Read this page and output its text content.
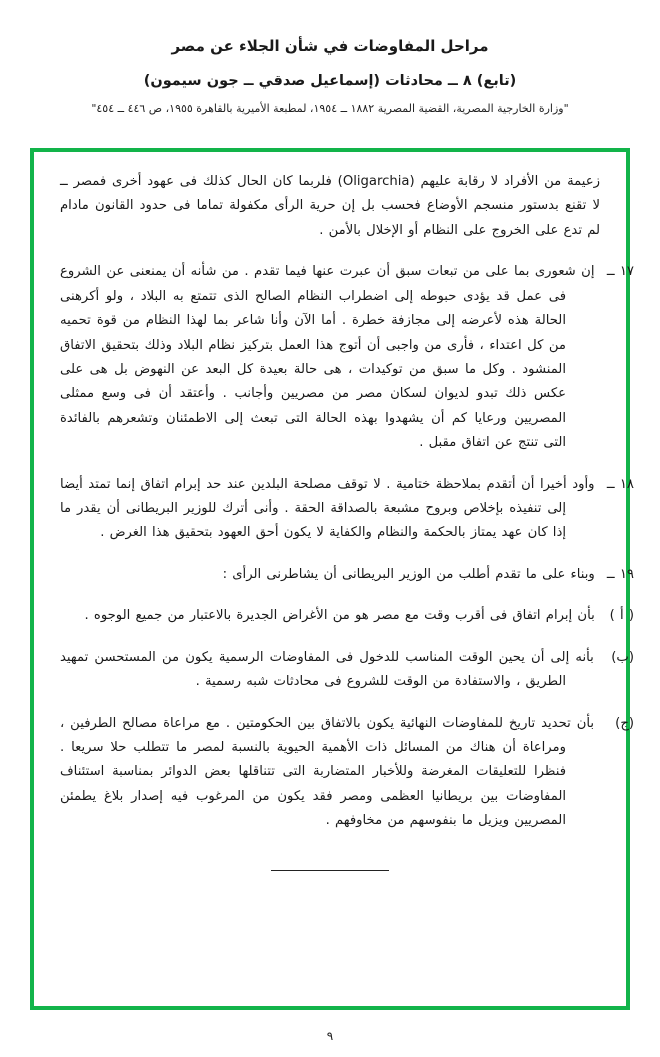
مراحل المفاوضات في شأن الجلاء عن مصر
(تابع) ٨ ــ محادثات (إسماعيل صدقي ــ جون سيمون)
"وزارة الخارجية المصرية، القضية المصرية ١٨٨٢ ــ ١٩٥٤، لمطبعة الأميرية بالقاهرة ١٩٥٥، ص ٤٤٦ ــ ٤٥٤"

زعيمة من الأفراد لا رقابة عليهم (Oligarchia) فلربما كان الحال كذلك فى عهود أخرى فمصر ــ لا تقنع بدستور منسجم الأوضاع فحسب بل إن حرية الرأى مكفولة تماما فى حدود القانون مادام لم تدع على الخروج على النظام أو الإخلال بالأمن .

١٧ ــ إن شعورى بما على من تبعات سبق أن عبرت عنها فيما تقدم . من شأنه أن يمنعنى عن الشروع فى عمل قد يؤدى حبوطه إلى اضطراب النظام الصالح الذى تتمتع به البلاد ، ولو أكرهنى الحالة هذه لأعرضه إلى مجازفة خطرة . أما الآن وأنا شاعر بما لهذا النظام من قوة تحميه من كل اعتداء ، فأرى من واجبى أن أتوج هذا العمل بتركيز نظام البلاد وذلك بتحقيق الاتفاق المنشود . وكل ما سبق من توكيدات ، هى حالة بعيدة كل البعد عن النهوض بل هى على عكس ذلك تبدو لديوان لسكان مصر من مصريين وأجانب . وأعتقد أن فى وسع ممثلى المصريين ورعايا كم أن يشهدوا بهذه الحالة التى تبعث إلى الاطمئنان وتشعرهم بالفائدة التى تنتج عن اتفاق مقبل .

١٨ ــ وأود أخيرا أن أتقدم بملاحظة ختامية . لا توقف مصلحة البلدين عند حد إبرام اتفاق إنما تمتد أيضا إلى تنفيذه بإخلاص وبروح مشبعة بالصداقة الحقة . وأنى أترك للوزير البريطانى أن يقدر ما إذا كان عهد يمتاز بالحكمة والنظام والكفاية لا يكون أحق العهود بتحقيق هذا الغرض .

١٩ ــ وبناء على ما تقدم أطلب من الوزير البريطانى أن يشاطرنى الرأى :

( أ ) بأن إبرام اتفاق فى أقرب وقت مع مصر هو من الأغراض الجديرة بالاعتبار من جميع الوجوه .

(ب) بأنه إلى أن يحين الوقت المناسب للدخول فى المفاوضات الرسمية يكون من المستحسن تمهيد الطريق ، والاستفادة من الوقت للشروع فى محادثات شبه رسمية .

(ج) بأن تحديد تاريخ للمفاوضات النهائية يكون بالاتفاق بين الحكومتين . مع مراعاة مصالح الطرفين ، ومراعاة أن هناك من المسائل ذات الأهمية الحيوية بالنسبة لمصر ما تتطلب حلا سريعا . فنظرا للتعليقات المغرضة وللأخبار المتضاربة التى تتناقلها بعض الدوائر بمناسبة استئناف المفاوضات بين بريطانيا العظمى ومصر فقد يكون من المرغوب فيه إصدار بلاغ يطمئن المصريين ويزيل ما بنفوسهم من مخاوفهم .

٩
